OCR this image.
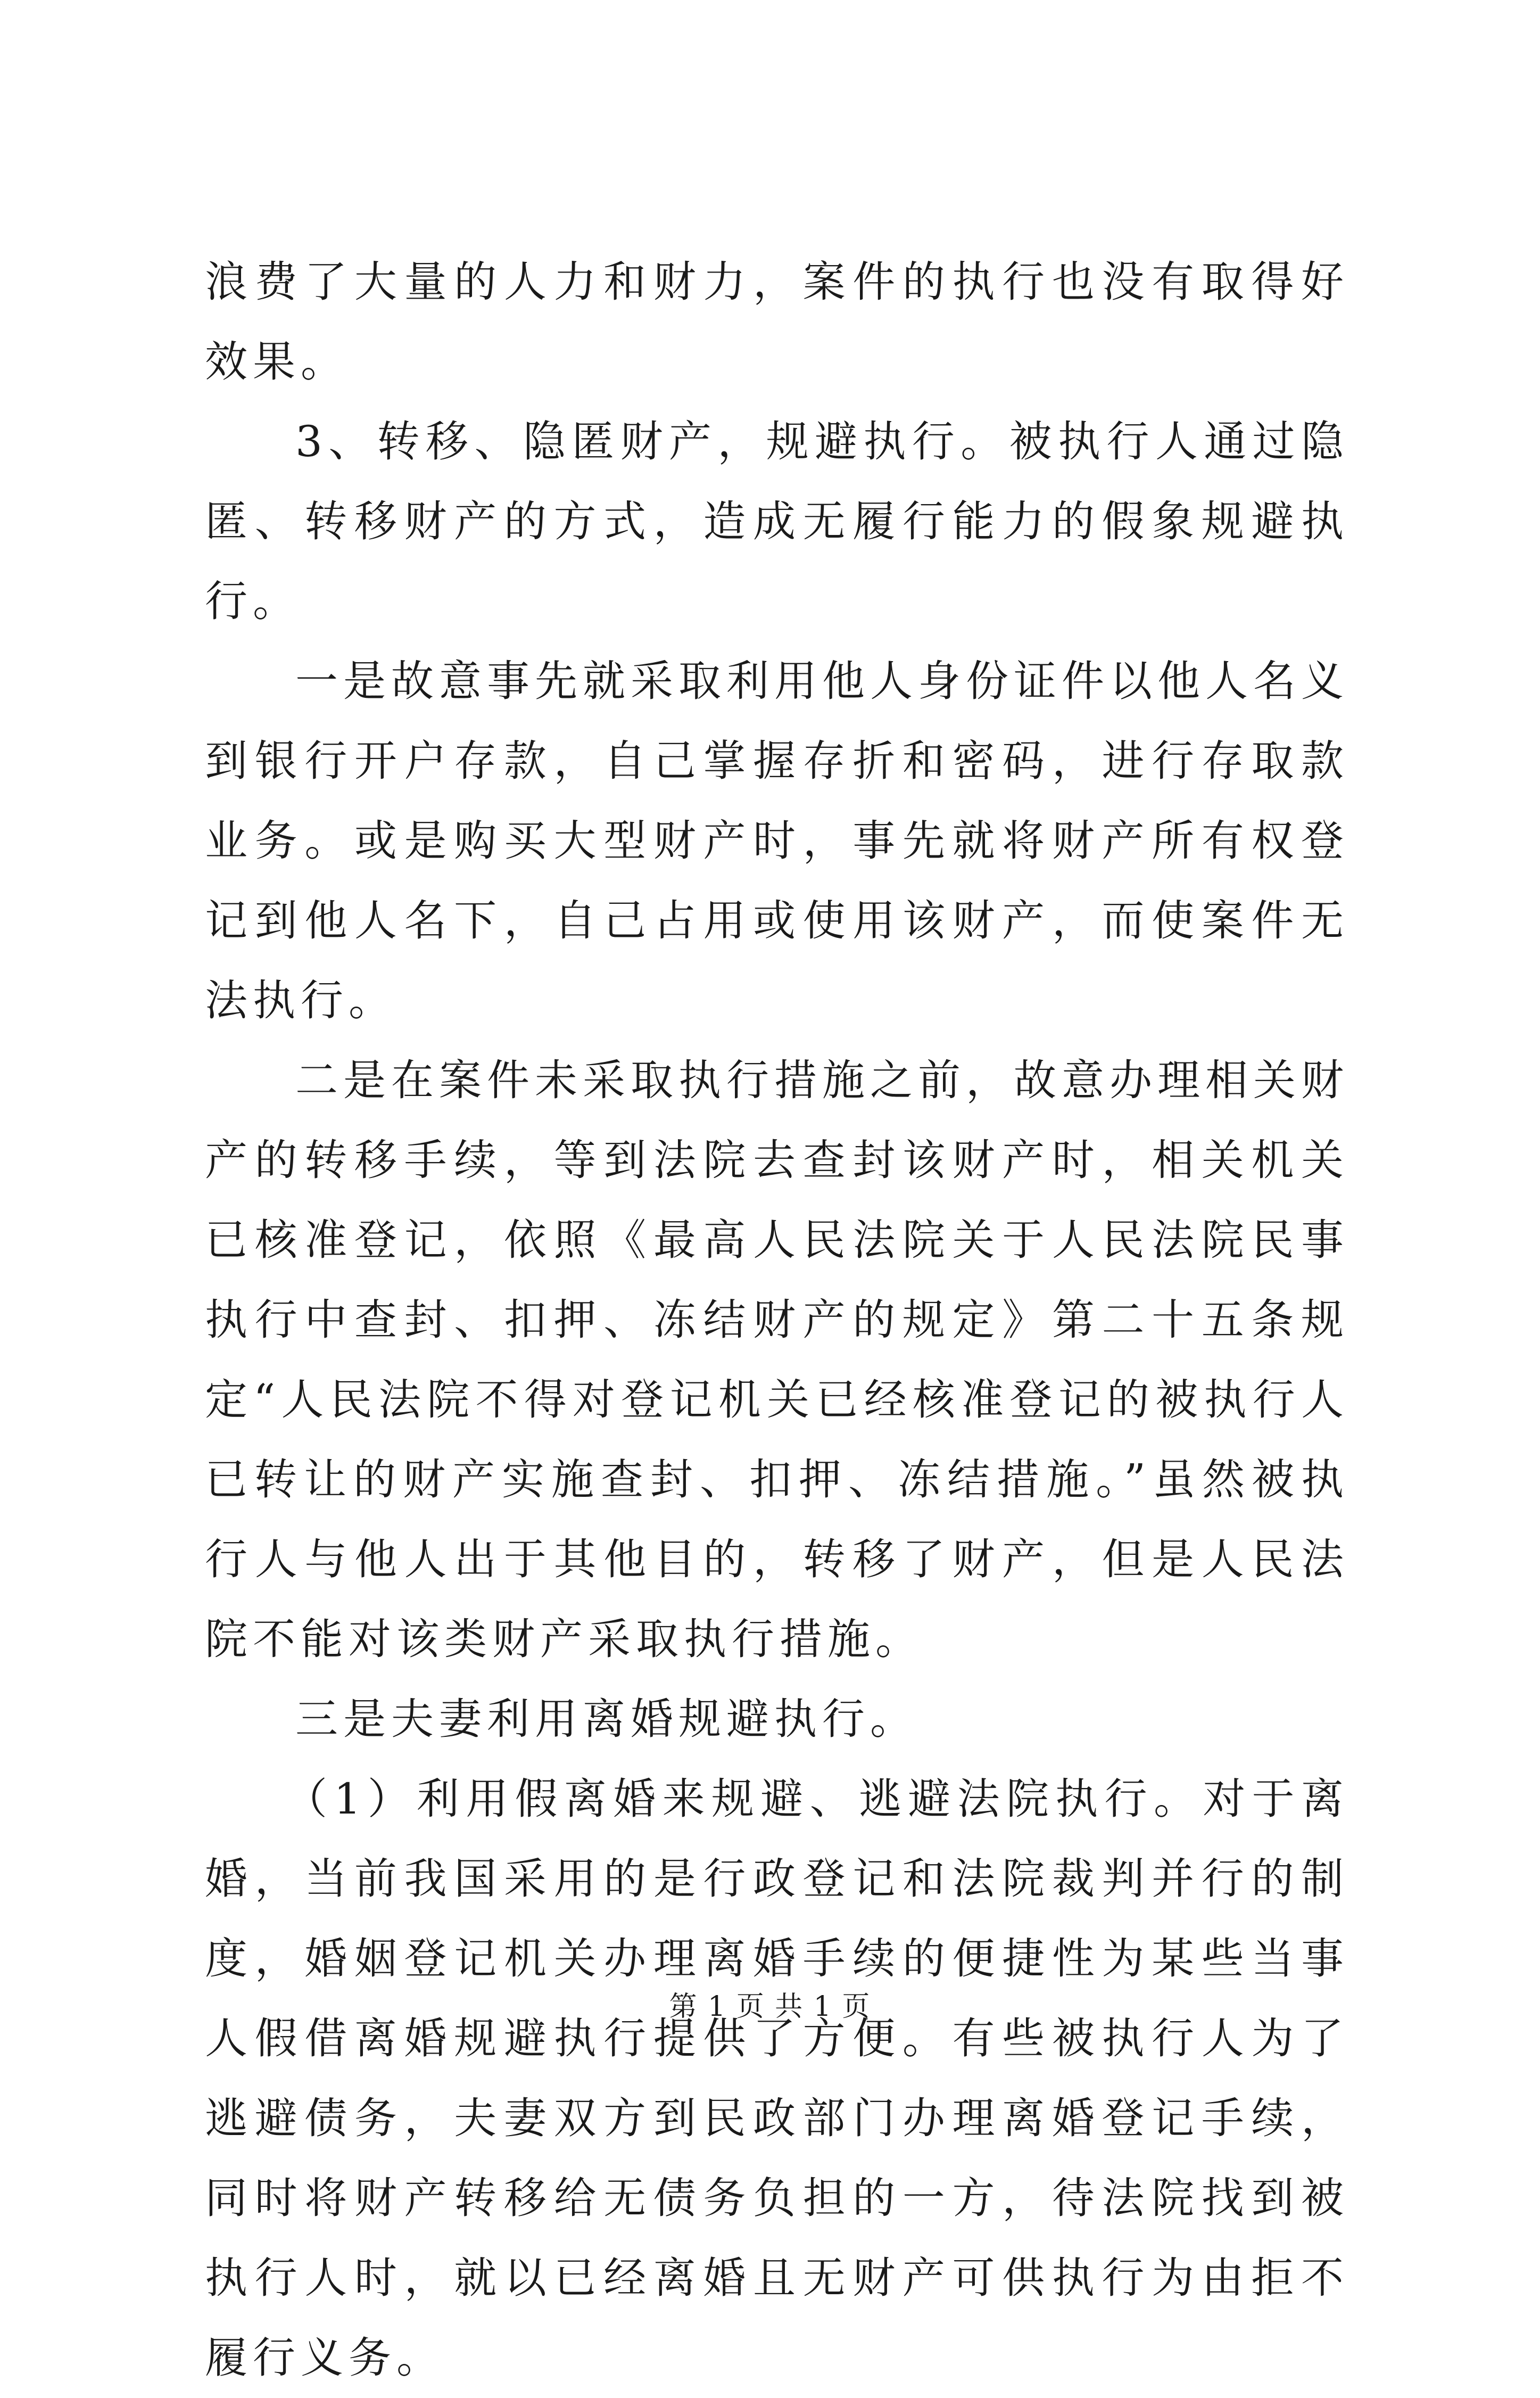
浪费了大量的人力和财力，案件的执行也没有取得好效果。

3、转移、隐匿财产，规避执行。被执行人通过隐匿、转移财产的方式，造成无履行能力的假象规避执行。

一是故意事先就采取利用他人身份证件以他人名义到银行开户存款，自己掌握存折和密码，进行存取款业务。或是购买大型财产时，事先就将财产所有权登记到他人名下，自己占用或使用该财产，而使案件无法执行。

二是在案件未采取执行措施之前，故意办理相关财产的转移手续，等到法院去查封该财产时，相关机关已核准登记，依照《最高人民法院关于人民法院民事执行中查封、扣押、冻结财产的规定》第二十五条规定“人民法院不得对登记机关已经核准登记的被执行人已转让的财产实施查封、扣押、冻结措施。”虽然被执行人与他人出于其他目的，转移了财产，但是人民法院不能对该类财产采取执行措施。

三是夫妻利用离婚规避执行。

（1）利用假离婚来规避、逃避法院执行。对于离婚，当前我国采用的是行政登记和法院裁判并行的制度，婚姻登记机关办理离婚手续的便捷性为某些当事人假借离婚规避执行提供了方便。有些被执行人为了逃避债务，夫妻双方到民政部门办理离婚登记手续，同时将财产转移给无债务负担的一方，待法院找到被执行人时，就以已经离婚且无财产可供执行为由拒不履行义务。

第 1 页 共 1 页
